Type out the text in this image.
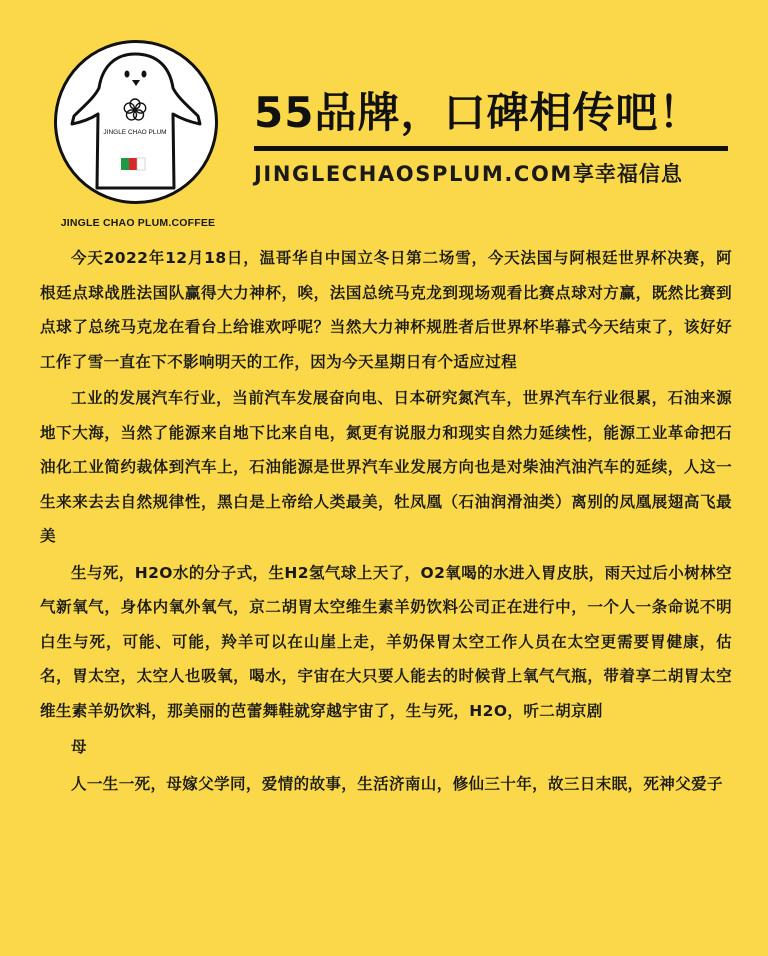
JINGLE CHAO PLUM
JINGLE CHAO PLUM.COFFEE
55品牌，口碑相传吧！
JINGLECHAOSPLUM.COM享幸福信息

今天2022年12月18日，温哥华自中国立冬日第二场雪，今天法国与阿根廷世界杯决赛，阿根廷点球战胜法国队赢得大力神杯，唉，法国总统马克龙到现场观看比赛点球对方赢，既然比赛到点球了总统马克龙在看台上给谁欢呼呢？当然大力神杯规胜者后世界杯毕幕式今天结束了，该好好工作了雪一直在下不影响明天的工作，因为今天星期日有个适应过程

工业的发展汽车行业，当前汽车发展奋向电、日本研究氮汽车，世界汽车行业很累，石油来源地下大海，当然了能源来自地下比来自电，氮更有说服力和现实自然力延续性，能源工业革命把石油化工业简约裁体到汽车上，石油能源是世界汽车业发展方向也是对柴油汽油汽车的延续，人这一生来来去去自然规律性，黑白是上帝给人类最美，牡凤凰（石油润滑油类）离别的凤凰展翅高飞最美

生与死，H2O水的分子式，生H2氢气球上天了，O2氧喝的水进入胃皮肤，雨天过后小树林空气新氧气，身体内氧外氧气，京二胡胃太空维生素羊奶饮料公司正在进行中，一个人一条命说不明白生与死，可能、可能，羚羊可以在山崖上走，羊奶保胃太空工作人员在太空更需要胃健康，估名，胃太空，太空人也吸氧，喝水，宇宙在大只要人能去的时候背上氧气气瓶，带着享二胡胃太空维生素羊奶饮料，那美丽的芭蕾舞鞋就穿越宇宙了，生与死，H2O，听二胡京剧

母

人一生一死，母嫁父学同，爱情的故事，生活济南山，修仙三十年，故三日末眠，死神父爱子
